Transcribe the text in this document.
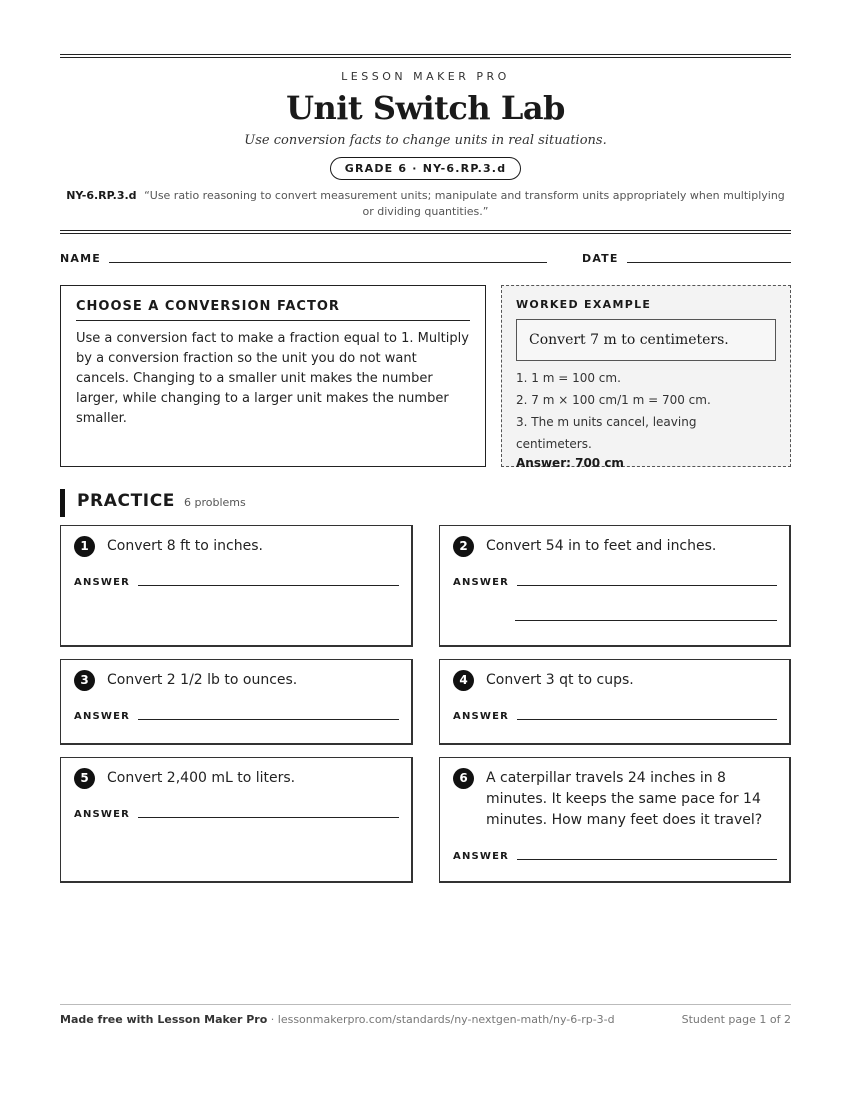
LESSON MAKER PRO
Unit Switch Lab
Use conversion facts to change units in real situations.
GRADE 6 · NY-6.RP.3.d
NY-6.RP.3.d “Use ratio reasoning to convert measurement units; manipulate and transform units appropriately when multiplying or dividing quantities.”
NAME	DATE
CHOOSE A CONVERSION FACTOR
Use a conversion fact to make a fraction equal to 1. Multiply by a conversion fraction so the unit you do not want cancels. Changing to a smaller unit makes the number larger, while changing to a larger unit makes the number smaller.
WORKED EXAMPLE
Convert 7 m to centimeters.
1. 1 m = 100 cm.
2. 7 m × 100 cm/1 m = 700 cm.
3. The m units cancel, leaving centimeters.
Answer: 700 cm
PRACTICE 6 problems
1	Convert 8 ft to inches.
ANSWER
2	Convert 54 in to feet and inches.
ANSWER
3	Convert 2 1/2 lb to ounces.
ANSWER
4	Convert 3 qt to cups.
ANSWER
5	Convert 2,400 mL to liters.
ANSWER
6	A caterpillar travels 24 inches in 8 minutes. It keeps the same pace for 14 minutes. How many feet does it travel?
ANSWER
Made free with Lesson Maker Pro · lessonmakerpro.com/standards/ny-nextgen-math/ny-6-rp-3-d	Student page 1 of 2
